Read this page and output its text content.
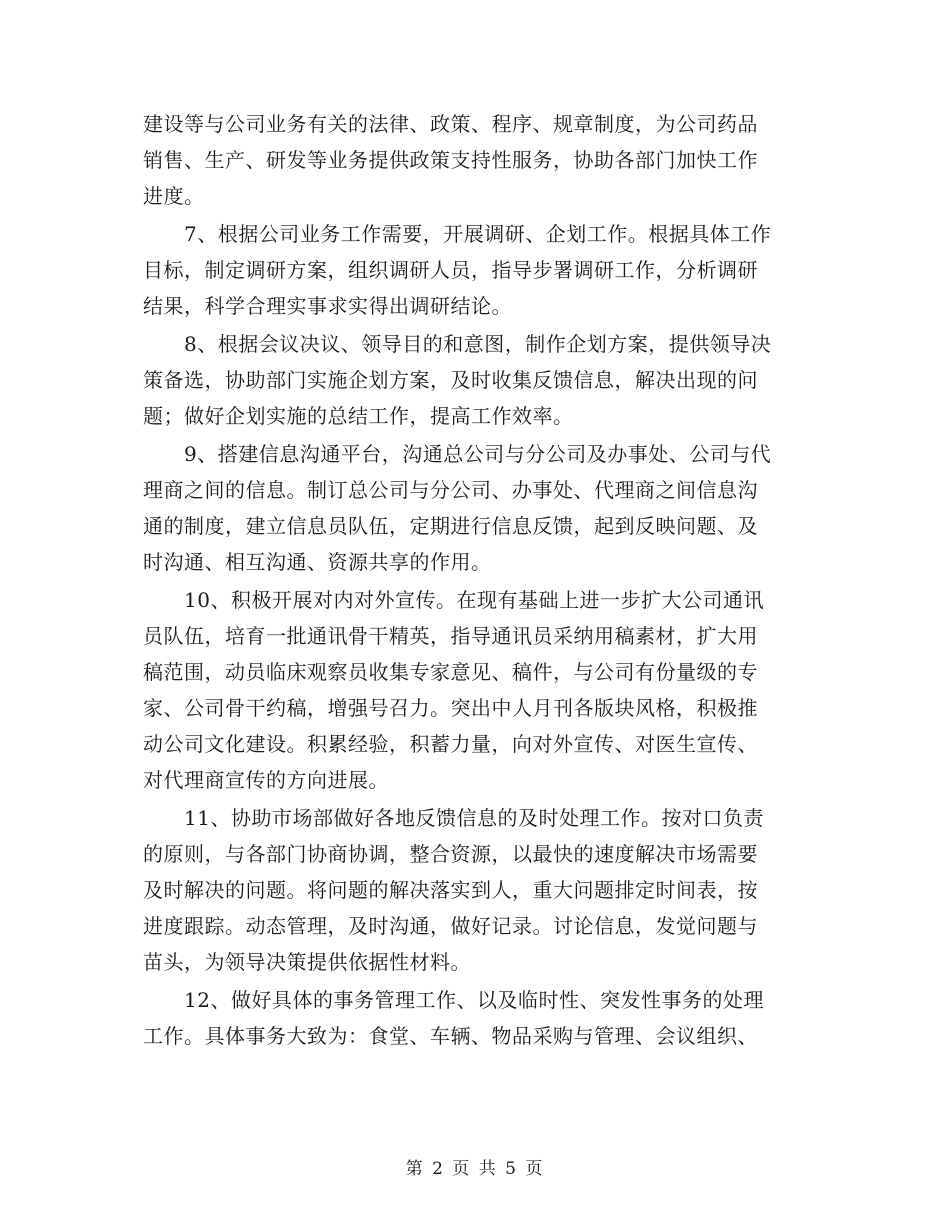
建设等与公司业务有关的法律、政策、程序、规章制度，为公司药品
销售、生产、研发等业务提供政策支持性服务，协助各部门加快工作
进度。
　　7、根据公司业务工作需要，开展调研、企划工作。根据具体工作
目标，制定调研方案，组织调研人员，指导步署调研工作，分析调研
结果，科学合理实事求实得出调研结论。
　　8、根据会议决议、领导目的和意图，制作企划方案，提供领导决
策备选，协助部门实施企划方案，及时收集反馈信息，解决出现的问
题；做好企划实施的总结工作，提高工作效率。
　　9、搭建信息沟通平台，沟通总公司与分公司及办事处、公司与代
理商之间的信息。制订总公司与分公司、办事处、代理商之间信息沟
通的制度，建立信息员队伍，定期进行信息反馈，起到反映问题、及
时沟通、相互沟通、资源共享的作用。
　　10、积极开展对内对外宣传。在现有基础上进一步扩大公司通讯
员队伍，培育一批通讯骨干精英，指导通讯员采纳用稿素材，扩大用
稿范围，动员临床观察员收集专家意见、稿件，与公司有份量级的专
家、公司骨干约稿，增强号召力。突出中人月刊各版块风格，积极推
动公司文化建设。积累经验，积蓄力量，向对外宣传、对医生宣传、
对代理商宣传的方向进展。
　　11、协助市场部做好各地反馈信息的及时处理工作。按对口负责
的原则，与各部门协商协调，整合资源，以最快的速度解决市场需要
及时解决的问题。将问题的解决落实到人，重大问题排定时间表，按
进度跟踪。动态管理，及时沟通，做好记录。讨论信息，发觉问题与
苗头，为领导决策提供依据性材料。
　　12、做好具体的事务管理工作、以及临时性、突发性事务的处理
工作。具体事务大致为：食堂、车辆、物品采购与管理、会议组织、
第 2 页 共 5 页
